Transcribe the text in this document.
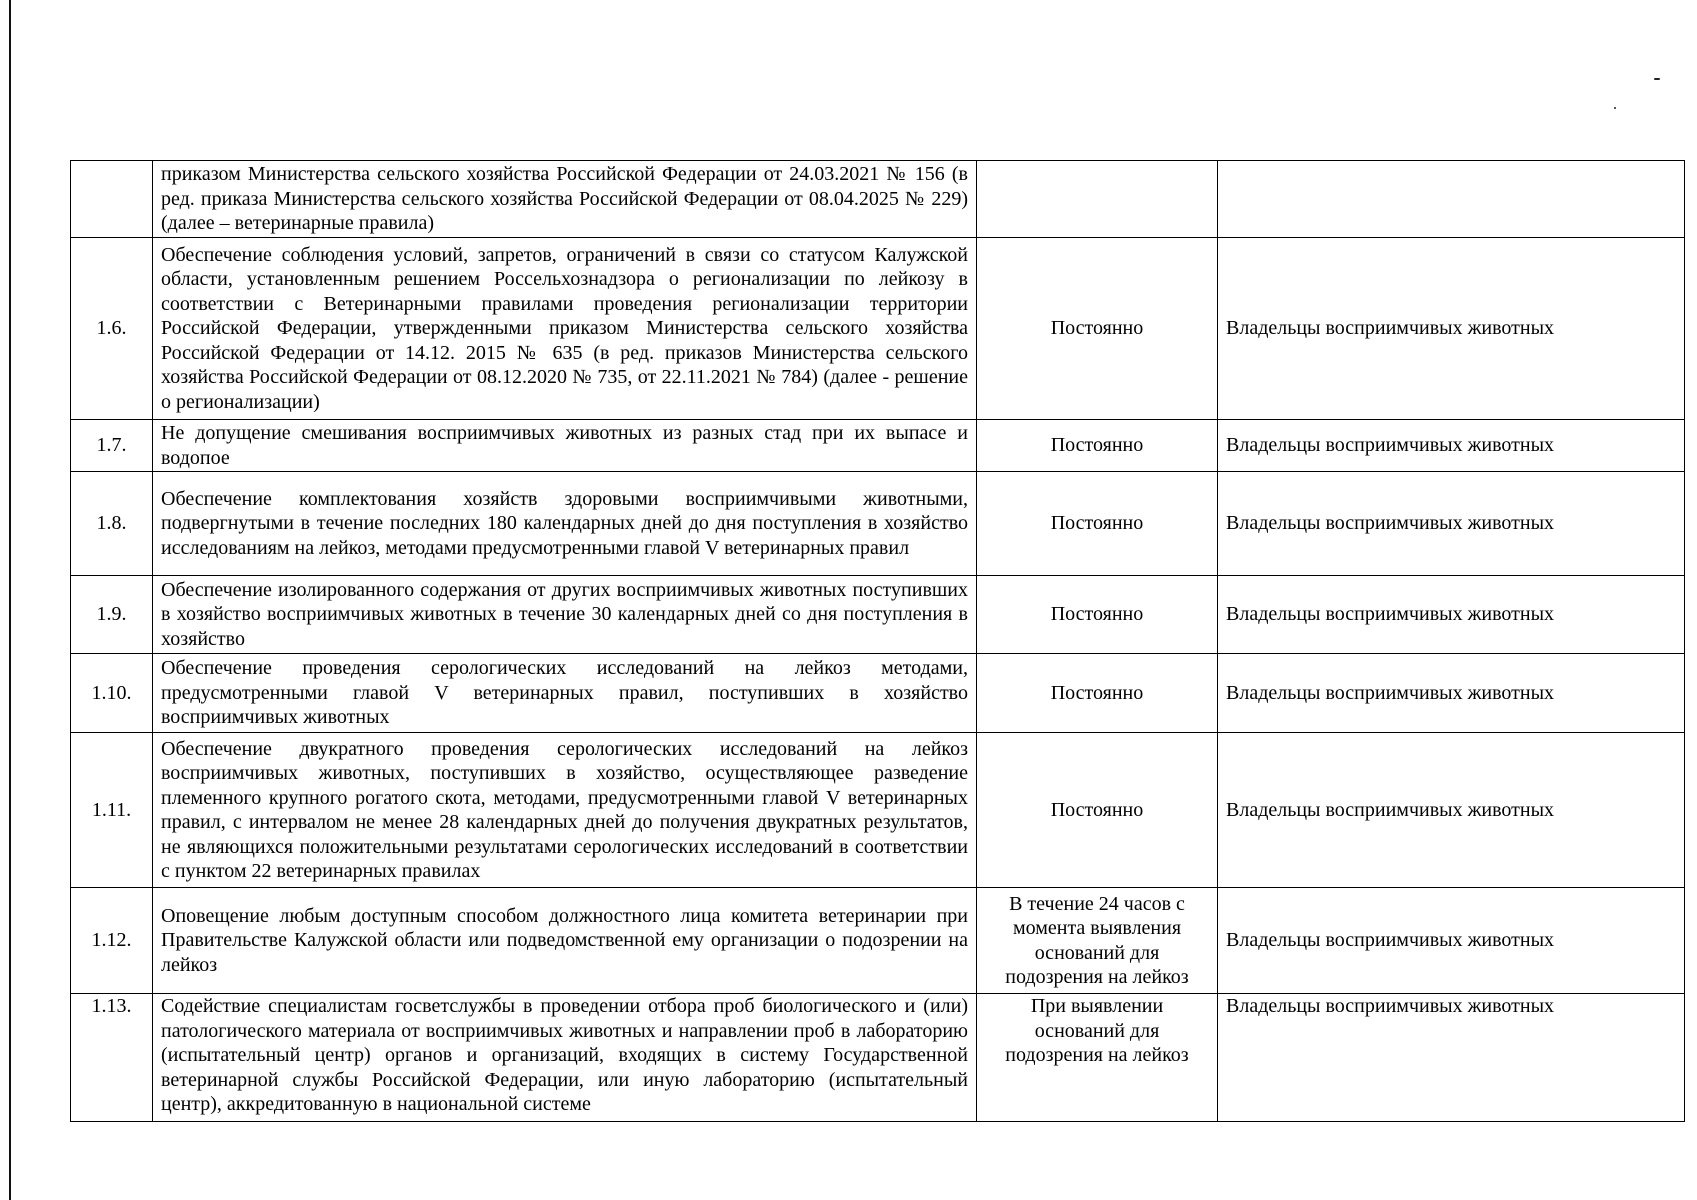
	приказом Министерства сельского хозяйства Российской Федерации от 24.03.2021 № 156 (в ред. приказа Министерства сельского хозяйства Российской Федерации от 08.04.2025 № 229) (далее – ветеринарные правила)		
1.6.	Обеспечение соблюдения условий, запретов, ограничений в связи со статусом Калужской области, установленным решением Россельхознадзора о регионализации по лейкозу в соответствии с Ветеринарными правилами проведения регионализации территории Российской Федерации, утвержденными приказом Министерства сельского хозяйства Российской Федерации от 14.12. 2015 № 635 (в ред. приказов Министерства сельского хозяйства Российской Федерации от 08.12.2020 № 735, от 22.11.2021 № 784) (далее - решение о регионализации)	Постоянно	Владельцы восприимчивых животных
1.7.	Не допущение смешивания восприимчивых животных из разных стад при их выпасе и водопое	Постоянно	Владельцы восприимчивых животных
1.8.	Обеспечение комплектования хозяйств здоровыми восприимчивыми животными, подвергнутыми в течение последних 180 календарных дней до дня поступления в хозяйство исследованиям на лейкоз, методами предусмотренными главой V ветеринарных правил	Постоянно	Владельцы восприимчивых животных
1.9.	Обеспечение изолированного содержания от других восприимчивых животных поступивших в хозяйство восприимчивых животных в течение 30 календарных дней со дня поступления в хозяйство	Постоянно	Владельцы восприимчивых животных
1.10.	Обеспечение проведения серологических исследований на лейкоз методами, предусмотренными главой V ветеринарных правил, поступивших в хозяйство восприимчивых животных	Постоянно	Владельцы восприимчивых животных
1.11.	Обеспечение двукратного проведения серологических исследований на лейкоз восприимчивых животных, поступивших в хозяйство, осуществляющее разведение племенного крупного рогатого скота, методами, предусмотренными главой V ветеринарных правил, с интервалом не менее 28 календарных дней до получения двукратных результатов, не являющихся положительными результатами серологических исследований в соответствии с пунктом 22 ветеринарных правилах	Постоянно	Владельцы восприимчивых животных
1.12.	Оповещение любым доступным способом должностного лица комитета ветеринарии при Правительстве Калужской области или подведомственной ему организации о подозрении на лейкоз	В течение 24 часов с момента выявления оснований для подозрения на лейкоз	Владельцы восприимчивых животных
1.13.	Содействие специалистам госветслужбы в проведении отбора проб биологического и (или) патологического материала от восприимчивых животных и направлении проб в лабораторию (испытательный центр) органов и организаций, входящих в систему Государственной ветеринарной службы Российской Федерации, или иную лабораторию (испытательный центр), аккредитованную в национальной системе	При выявлении оснований для подозрения на лейкоз	Владельцы восприимчивых животных
